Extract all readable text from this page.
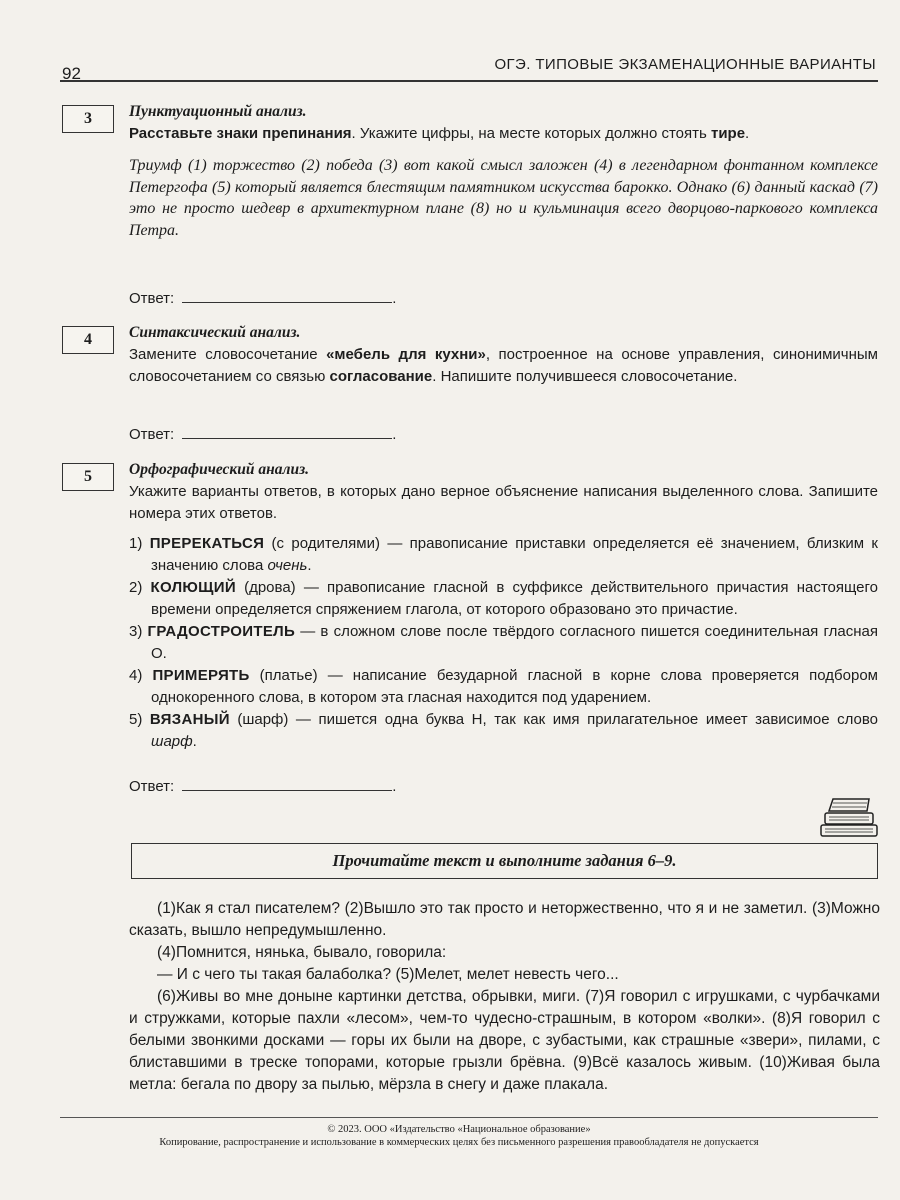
92	ОГЭ. ТИПОВЫЕ ЭКЗАМЕНАЦИОННЫЕ ВАРИАНТЫ
3	Пунктуационный анализ.
Расставьте знаки препинания. Укажите цифры, на месте которых должно стоять тире.
Триумф (1) торжество (2) победа (3) вот какой смысл заложен (4) в легендарном фонтанном комплексе Петергофа (5) который является блестящим памятником искусства барокко. Однако (6) данный каскад (7) это не просто шедевр в архитектурном плане (8) но и кульминация всего дворцово-паркового комплекса Петра.
Ответ:	.
4	Синтаксический анализ.
Замените словосочетание «мебель для кухни», построенное на основе управления, синонимичным словосочетанием со связью согласование. Напишите получившееся словосочетание.
Ответ:	.
5	Орфографический анализ.
Укажите варианты ответов, в которых дано верное объяснение написания выделенного слова. Запишите номера этих ответов.
1) ПРЕРЕКАТЬСЯ (с родителями) — правописание приставки определяется её значением, близким к значению слова очень.
2) КОЛЮЩИЙ (дрова) — правописание гласной в суффиксе действительного причастия настоящего времени определяется спряжением глагола, от которого образовано это причастие.
3) ГРАДОСТРОИТЕЛЬ — в сложном слове после твёрдого согласного пишется соединительная гласная О.
4) ПРИМЕРЯТЬ (платье) — написание безударной гласной в корне слова проверяется подбором однокоренного слова, в котором эта гласная находится под ударением.
5) ВЯЗАНЫЙ (шарф) — пишется одна буква Н, так как имя прилагательное имеет зависимое слово шарф.
Ответ:	.
Прочитайте текст и выполните задания 6–9.

(1)Как я стал писателем? (2)Вышло это так просто и неторжественно, что я и не заметил. (3)Можно сказать, вышло непредумышленно.

(4)Помнится, нянька, бывало, говорила:

— И с чего ты такая балаболка? (5)Мелет, мелет невесть чего...

(6)Живы во мне доныне картинки детства, обрывки, миги. (7)Я говорил с игрушками, с чурбачками и стружками, которые пахли «лесом», чем-то чудесно-страшным, в котором «волки». (8)Я говорил с белыми звонкими досками — горы их были на дворе, с зубастыми, как страшные «звери», пилами, с блиставшими в треске топорами, которые грызли брёвна. (9)Всё казалось живым. (10)Живая была метла: бегала по двору за пылью, мёрзла в снегу и даже плакала.

© 2023. ООО «Издательство «Национальное образование»
Копирование, распространение и использование в коммерческих целях без письменного разрешения правообладателя не допускается
